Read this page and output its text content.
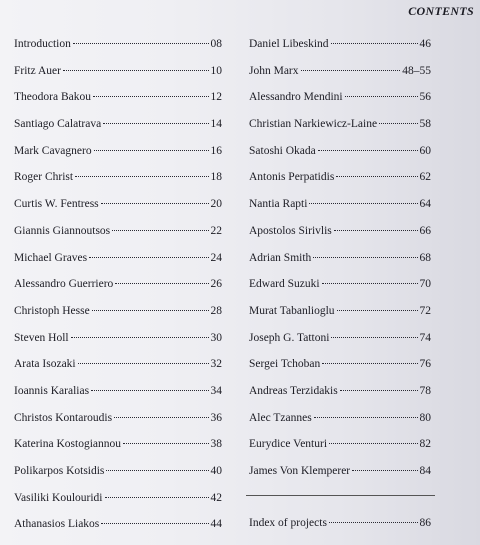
CONTENTS
Introduction	08
Fritz Auer	10
Theodora Bakou	12
Santiago Calatrava	14
Mark Cavagnero	16
Roger Christ	18
Curtis W. Fentress	20
Giannis Giannoutsos	22
Michael Graves	24
Alessandro Guerriero	26
Christoph Hesse	28
Steven Holl	30
Arata Isozaki	32
Ioannis Karalias	34
Christos Kontaroudis	36
Katerina Kostogiannou	38
Polikarpos Kotsidis	40
Vasiliki Koulouridi	42
Athanasios Liakos	44
Daniel Libeskind	46
John Marx	48–55
Alessandro Mendini	56
Christian Narkiewicz-Laine	58
Satoshi Okada	60
Antonis Perpatidis	62
Nantia Rapti	64
Apostolos Sirivlis	66
Adrian Smith	68
Edward Suzuki	70
Murat Tabanlioglu	72
Joseph G. Tattoni	74
Sergei Tchoban	76
Andreas Terzidakis	78
Alec Tzannes	80
Eurydice Venturi	82
James Von Klemperer	84
Index of projects	86
